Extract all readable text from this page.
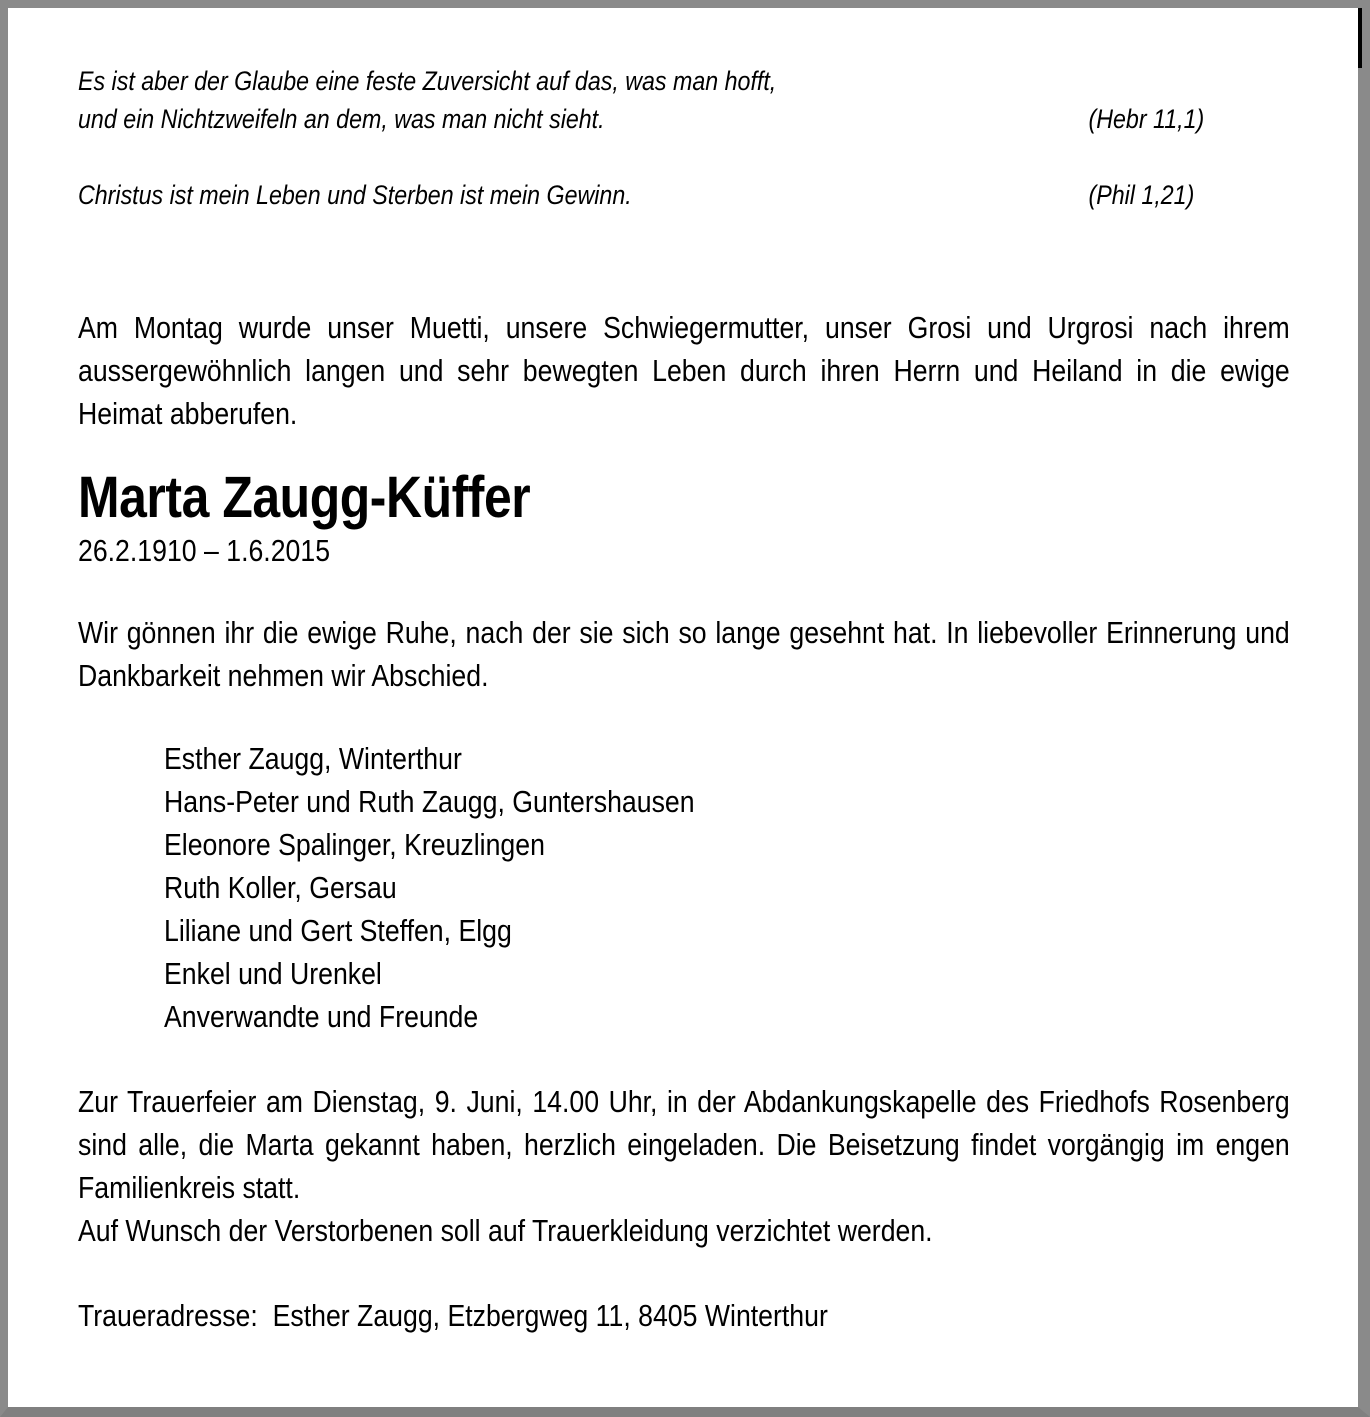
Es ist aber der Glaube eine feste Zuversicht auf das, was man hofft,
und ein Nichtzweifeln an dem, was man nicht sieht.	(Hebr 11,1)
Christus ist mein Leben und Sterben ist mein Gewinn.	(Phil 1,21)

Am Montag wurde unser Muetti, unsere Schwiegermutter, unser Grosi und Urgrosi nach ihrem aussergewöhnlich langen und sehr bewegten Leben durch ihren Herrn und Heiland in die ewige Heimat abberufen.

Marta Zaugg-Küffer
26.2.1910 – 1.6.2015

Wir gönnen ihr die ewige Ruhe, nach der sie sich so lange gesehnt hat. In liebevoller Erinnerung und Dankbarkeit nehmen wir Abschied.

Esther Zaugg, Winterthur
Hans-Peter und Ruth Zaugg, Guntershausen
Eleonore Spalinger, Kreuzlingen
Ruth Koller, Gersau
Liliane und Gert Steffen, Elgg
Enkel und Urenkel
Anverwandte und Freunde

Zur Trauerfeier am Dienstag, 9. Juni, 14.00 Uhr, in der Abdankungskapelle des Friedhofs Rosenberg sind alle, die Marta gekannt haben, herzlich eingeladen. Die Beisetzung findet vorgängig im engen Familienkreis statt.

Auf Wunsch der Verstorbenen soll auf Trauerkleidung verzichtet werden.

Traueradresse:  Esther Zaugg, Etzbergweg 11, 8405 Winterthur
